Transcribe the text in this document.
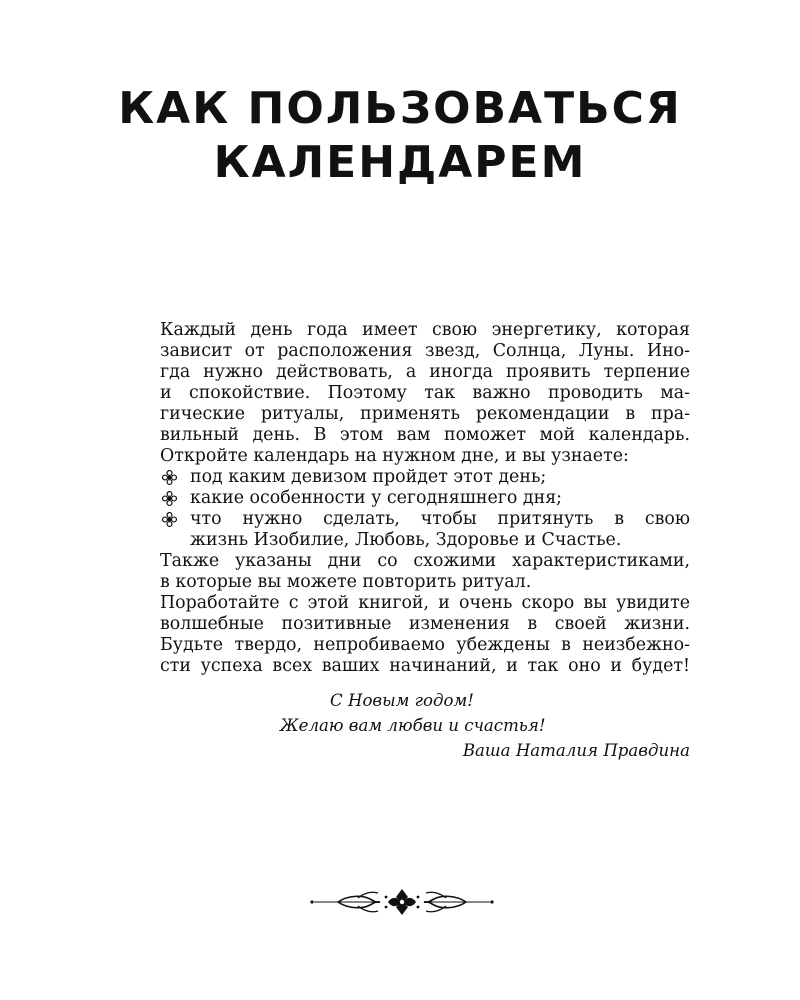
КАК ПОЛЬЗОВАТЬСЯ
КАЛЕНДАРЕМ
Каждый день года имеет свою энергетику, которая
зависит от расположения звезд, Солнца, Луны. Ино-
гда нужно действовать, а иногда проявить терпение
и спокойствие. Поэтому так важно проводить ма-
гические ритуалы, применять рекомендации в пра-
вильный день. В этом вам поможет мой календарь.
Откройте календарь на нужном дне, и вы узнаете:
под каким девизом пройдет этот день;
какие особенности у сегодняшнего дня;
что нужно сделать, чтобы притянуть в свою
жизнь Изобилие, Любовь, Здоровье и Счастье.
Также указаны дни со схожими характеристиками,
в которые вы можете повторить ритуал.
Поработайте с этой книгой, и очень скоро вы увидите
волшебные позитивные изменения в своей жизни.
Будьте твердо, непробиваемо убеждены в неизбежно-
сти успеха всех ваших начинаний, и так оно и будет!
С Новым годом!
Желаю вам любви и счастья!
Ваша Наталия Правдина
